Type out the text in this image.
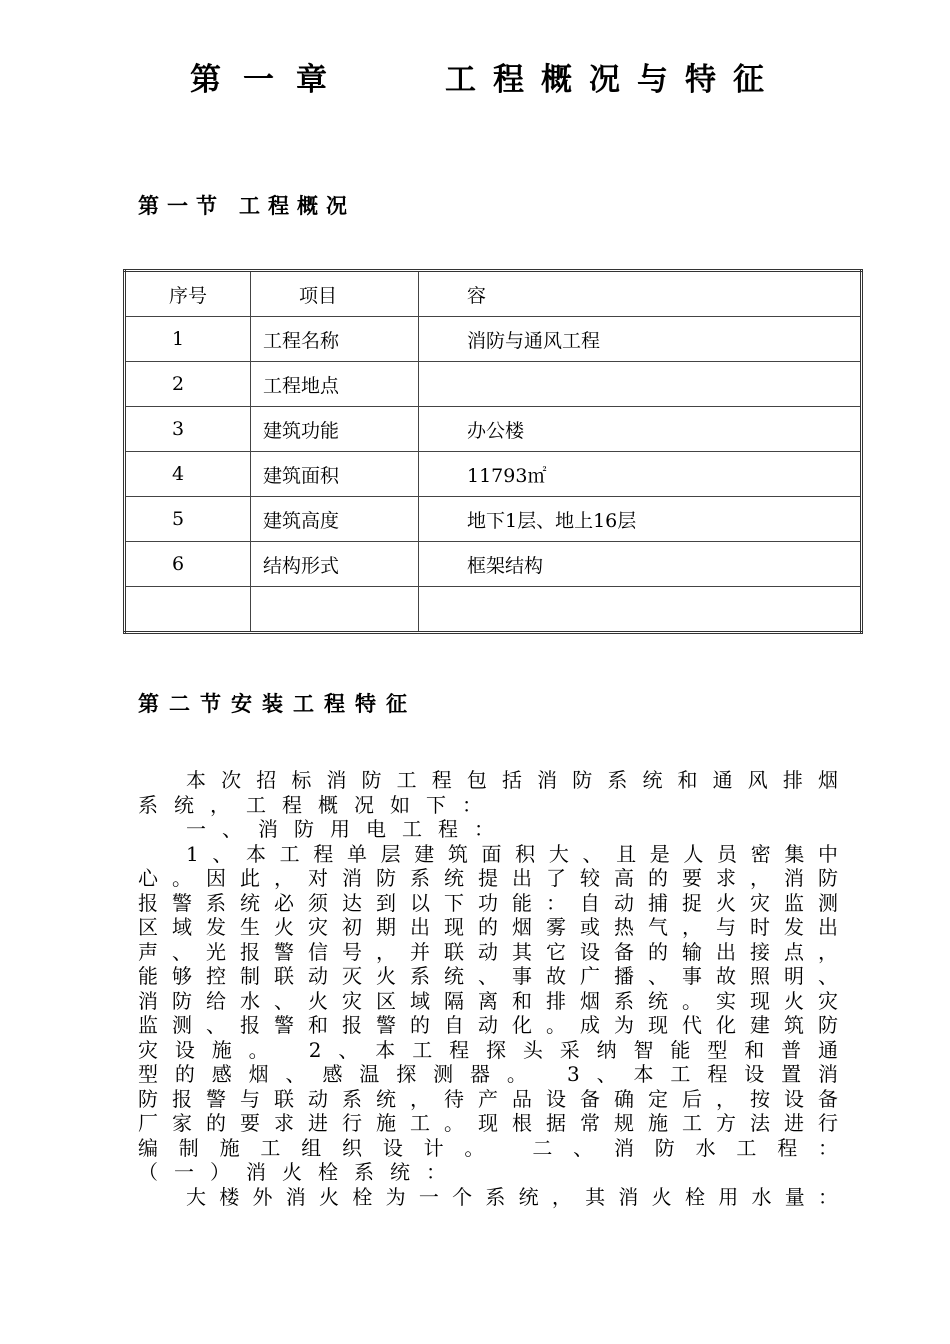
第一章	工程概况与特征
第一节 工程概况
序号	项目	容
1	工程名称	消防与通风工程
2	工程地点	
3	建筑功能	办公楼
4	建筑面积	11793㎡
5	建筑高度	地下1层、地上16层
6	结构形式	框架结构

第二节安装工程特征
本次招标消防工程包括消防系统和通风排烟
系统，工程概况如下：
一、消防用电工程：
1、本工程单层建筑面积大、且是人员密集中
心。因此，对消防系统提出了较高的要求，消防
报警系统必须达到以下功能：自动捕捉火灾监测
区域发生火灾初期出现的烟雾或热气，与时发出
声、光报警信号，并联动其它设备的输出接点，
能够控制联动灭火系统、事故广播、事故照明、
消防给水、火灾区域隔离和排烟系统。实现火灾
监测、报警和报警的自动化。成为现代化建筑防
灾设施。 2、本工程探头采纳智能型和普通
型的感烟、感温探测器。 3、本工程设置消
防报警与联动系统，待产品设备确定后，按设备
厂家的要求进行施工。现根据常规施工方法进行
编制施工组织设计。 二、消防水工程：
（一）消火栓系统：
大楼外消火栓为一个系统，其消火栓用水量：
